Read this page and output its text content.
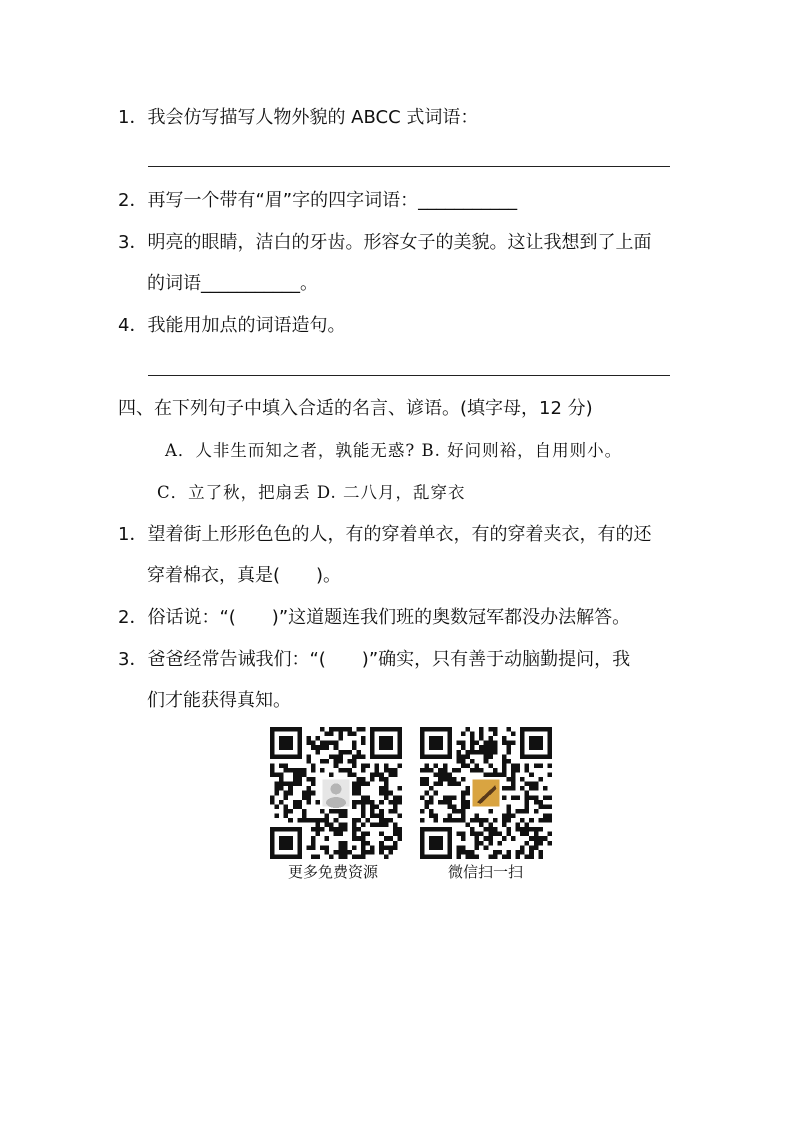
1．我会仿写描写人物外貌的 ABCC 式词语：
2．再写一个带有“眉”字的四字词语：___________
3．明亮的眼睛，洁白的牙齿。形容女子的美貌。这让我想到了上面
的词语___________。
4．我能用加点的词语造句。
四、在下列句子中填入合适的名言、谚语。(填字母，12 分)
A．人非生而知之者，孰能无惑? B. 好问则裕，自用则小。
C．立了秋，把扇丢 D. 二八月，乱穿衣
1．望着街上形形色色的人，有的穿着单衣，有的穿着夹衣，有的还
穿着棉衣，真是(　　)。
2．俗话说：“(　　)”这道题连我们班的奥数冠军都没办法解答。
3．爸爸经常告诫我们：“(　　)”确实，只有善于动脑勤提问，我
们才能获得真知。
更多免费资源	微信扫一扫
